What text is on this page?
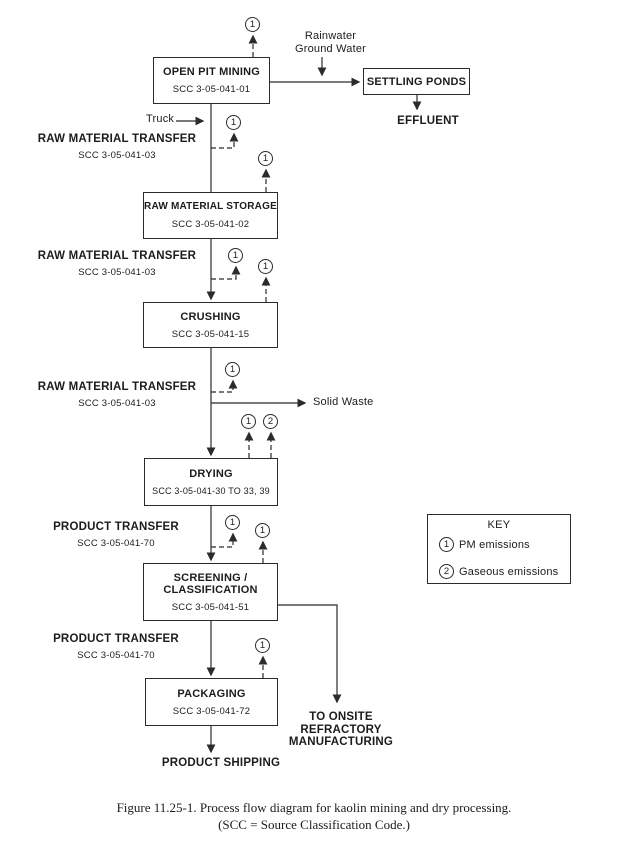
OPEN PIT MINING
SCC 3-05-041-01
SETTLING PONDS
RAW MATERIAL STORAGE
SCC 3-05-041-02
CRUSHING
SCC 3-05-041-15
DRYING
SCC 3-05-041-30 TO 33, 39
SCREENING /
CLASSIFICATION
SCC 3-05-041-51
PACKAGING
SCC 3-05-041-72
RAW MATERIAL TRANSFER
SCC 3-05-041-03
RAW MATERIAL TRANSFER
SCC 3-05-041-03
RAW MATERIAL TRANSFER
SCC 3-05-041-03
PRODUCT TRANSFER
SCC 3-05-041-70
PRODUCT TRANSFER
SCC 3-05-041-70
Truck
Rainwater
Ground Water
EFFLUENT
Solid Waste
TO ONSITE
REFRACTORY
MANUFACTURING
PRODUCT SHIPPING
1
1
1
1
1
1
1	2
1
1
1
KEY
1 PM emissions
2 Gaseous emissions
Figure 11.25-1. Process flow diagram for kaolin mining and dry processing.
(SCC = Source Classification Code.)
